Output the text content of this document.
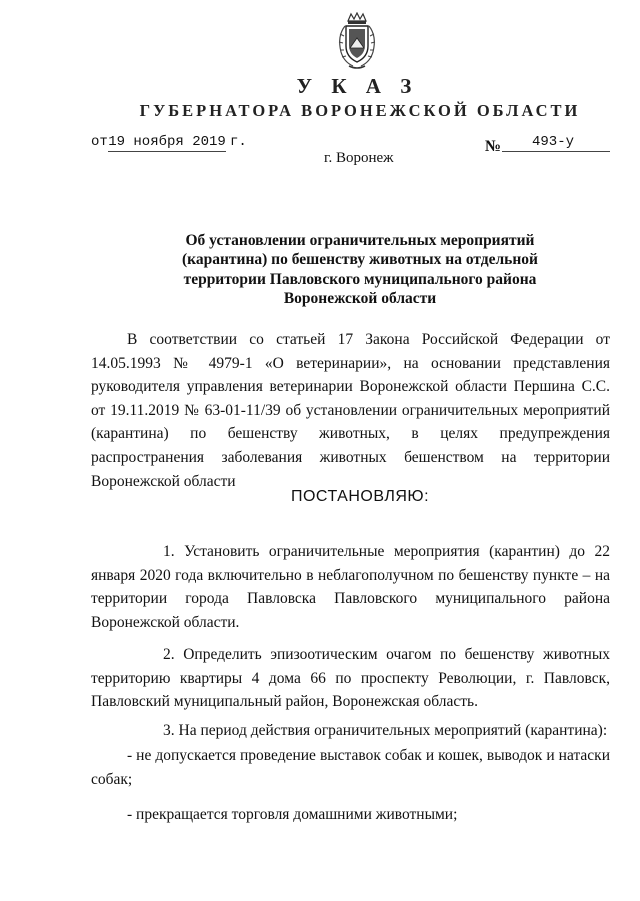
У К А З
ГУБЕРНАТОРА ВОРОНЕЖСКОЙ ОБЛАСТИ
от 19 ноября 2019 г.	№	493-у
г. Воронеж
Об установлении ограничительных мероприятий (карантина) по бешенству животных на отдельной территории Павловского муниципального района Воронежской области
В соответствии со статьей 17 Закона Российской Федерации от 14.05.1993 № 4979-1 «О ветеринарии», на основании представления руководителя управления ветеринарии Воронежской области Першина С.С. от 19.11.2019 № 63-01-11/39 об установлении ограничительных мероприятий (карантина) по бешенству животных, в целях предупреждения распространения заболевания животных бешенством на территории Воронежской области
ПОСТАНОВЛЯЮ:
1. Установить ограничительные мероприятия (карантин) до 22 января 2020 года включительно в неблагополучном по бешенству пункте – на территории города Павловска Павловского муниципального района Воронежской области.
2. Определить эпизоотическим очагом по бешенству животных территорию квартиры 4 дома 66 по проспекту Революции, г. Павловск, Павловский муниципальный район, Воронежская область.
3. На период действия ограничительных мероприятий (карантина):
- не допускается проведение выставок собак и кошек, выводок и натаски собак;
- прекращается торговля домашними животными;
